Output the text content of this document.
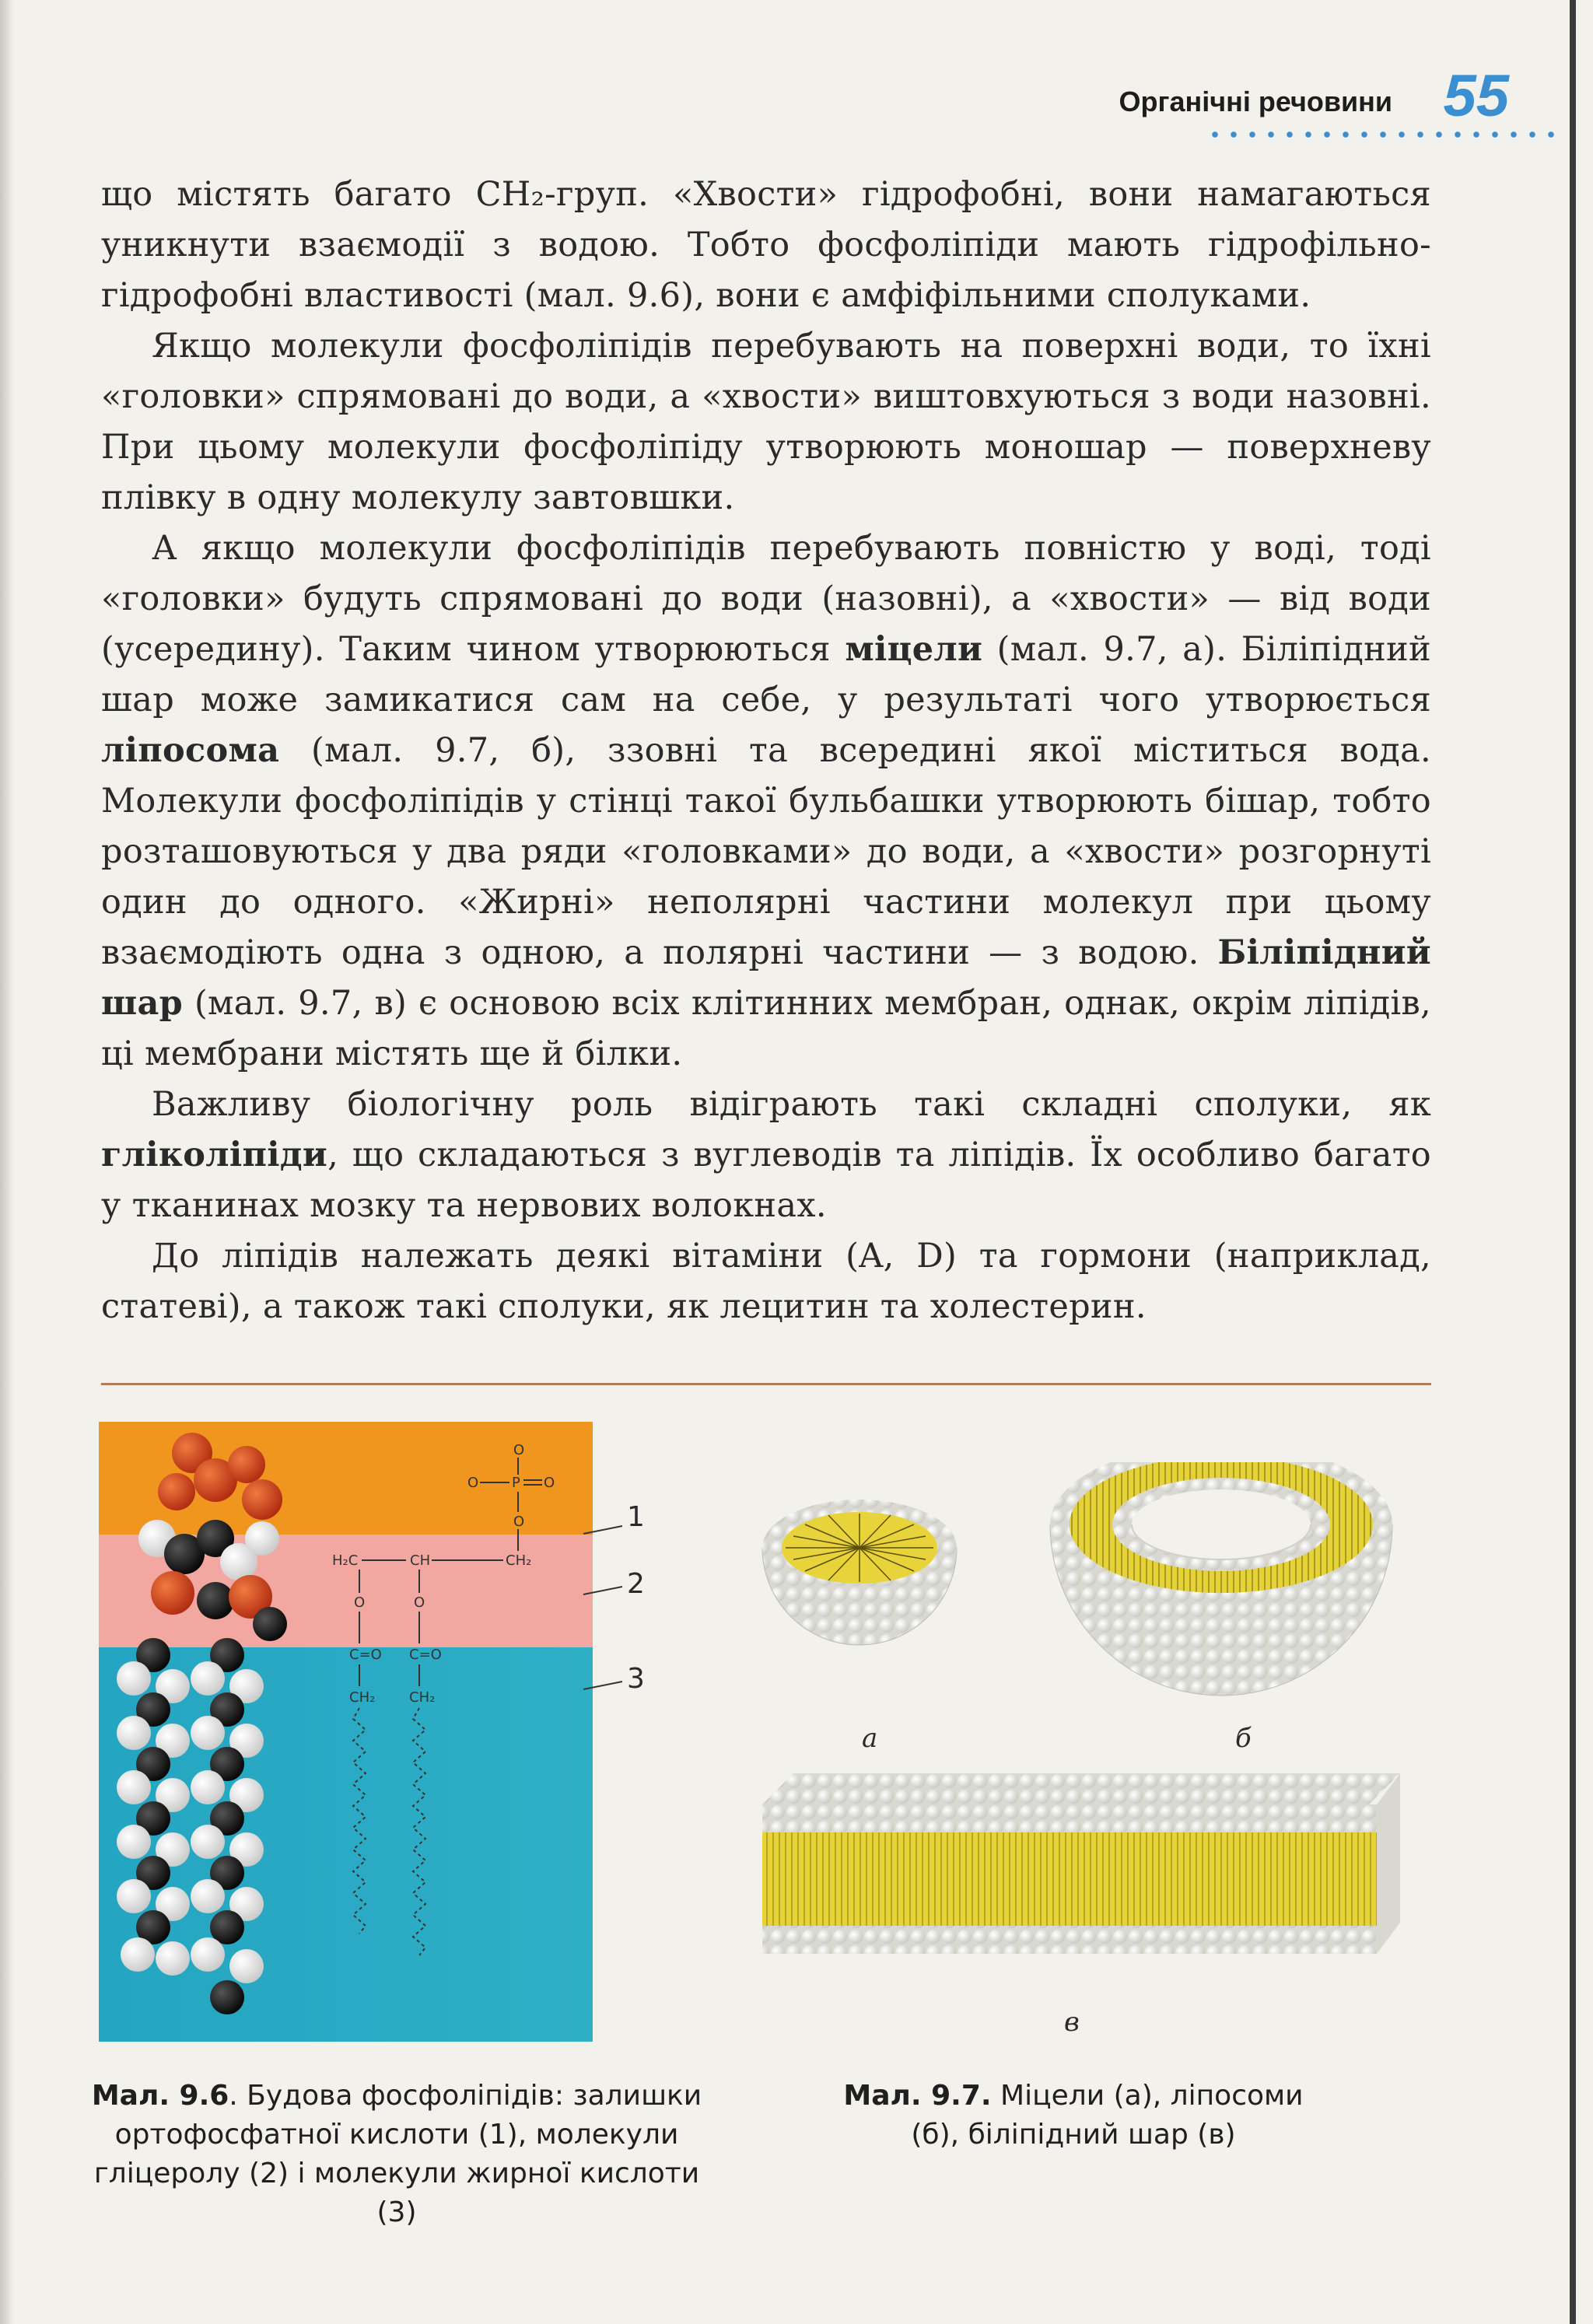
Органічні речовини 55

що містять багато CH₂-груп. «Хвости» гідрофобні, вони намагаються уникнути взаємодії з водою. Тобто фосфоліпіди мають гідрофільно-гідрофобні властивості (мал. 9.6), вони є амфіфільними сполуками.

Якщо молекули фосфоліпідів перебувають на поверхні води, то їхні «головки» спрямовані до води, а «хвости» виштовхуються з води назовні. При цьому молекули фосфоліпіду утворюють моношар — поверхневу плівку в одну молекулу завтовшки.

А якщо молекули фосфоліпідів перебувають повністю у воді, тоді «головки» будуть спрямовані до води (назовні), а «хвости» — від води (усередину). Таким чином утворюються міцели (мал. 9.7, а). Біліпідний шар може замикатися сам на себе, у результаті чого утворюється ліпосома (мал. 9.7, б), ззовні та всередині якої міститься вода. Молекули фосфоліпідів у стінці такої бульбашки утворюють бішар, тобто розташовуються у два ряди «головками» до води, а «хвости» розгорнуті один до одного. «Жирні» неполярні частини молекул при цьому взаємодіють одна з одною, а полярні частини — з водою. Біліпідний шар (мал. 9.7, в) є основою всіх клітинних мембран, однак, окрім ліпідів, ці мембрани містять ще й білки.

Важливу біологічну роль відіграють такі складні сполуки, як гліколіпіди, що складаються з вуглеводів та ліпідів. Їх особливо багато у тканинах мозку та нервових волокнах.

До ліпідів належать деякі вітаміни (A, D) та гормони (наприклад, статеві), а також такі сполуки, як лецитин та холестерин.

O
O P O
O
H₂C	CH	CH₂
O	O
C=O C=O
CH₂ CH₂
1
2
3
а	б
в
Мал. 9.6. Будова фосфоліпідів: залишки ортофосфатної кислоти (1), молекули гліцеролу (2) і молекули жирної кислоти (3)
Мал. 9.7. Міцели (а), ліпосоми (б), біліпідний шар (в)
